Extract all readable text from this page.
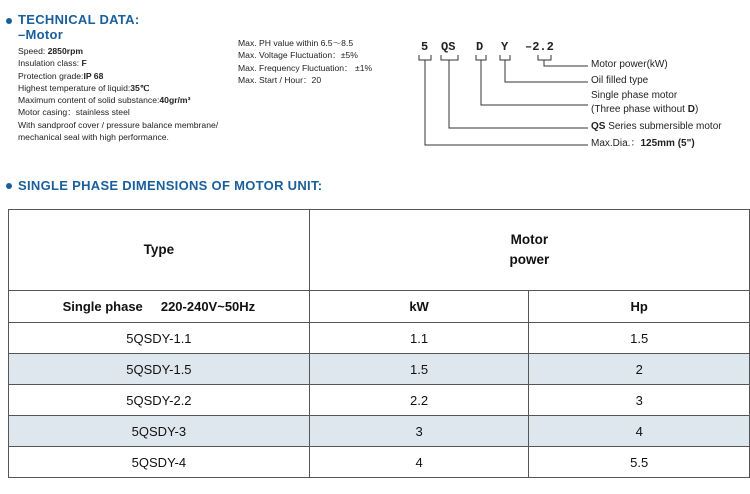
TECHNICAL DATA:
–Motor
Speed: 2850rpm
Insulation class: F
Protection grade:IP 68
Highest temperature of liquid:35℃
Maximum content of solid substance:40gr/m³
Motor casing：stainless steel
With sandproof cover / pressure balance membrane/
mechanical seal with high performance.
Max. PH value within 6.5～8.5
Max. Voltage Fluctuation：±5%
Max. Frequency Fluctuation： ±1%
Max. Start / Hour：20
5 QS D Y –2.2
Motor power(kW)
Oil filled type
Single phase motor
(Three phase without D)
QS Series submersible motor
Max.Dia.：125mm (5")
SINGLE PHASE DIMENSIONS OF MOTOR UNIT:
Type	Motor
power	

Single phase     220-240V~50Hz	kW	Hp
5QSDY-1.1	1.1	1.5
5QSDY-1.5	1.5	2
5QSDY-2.2	2.2	3
5QSDY-3	3	4
5QSDY-4	4	5.5
